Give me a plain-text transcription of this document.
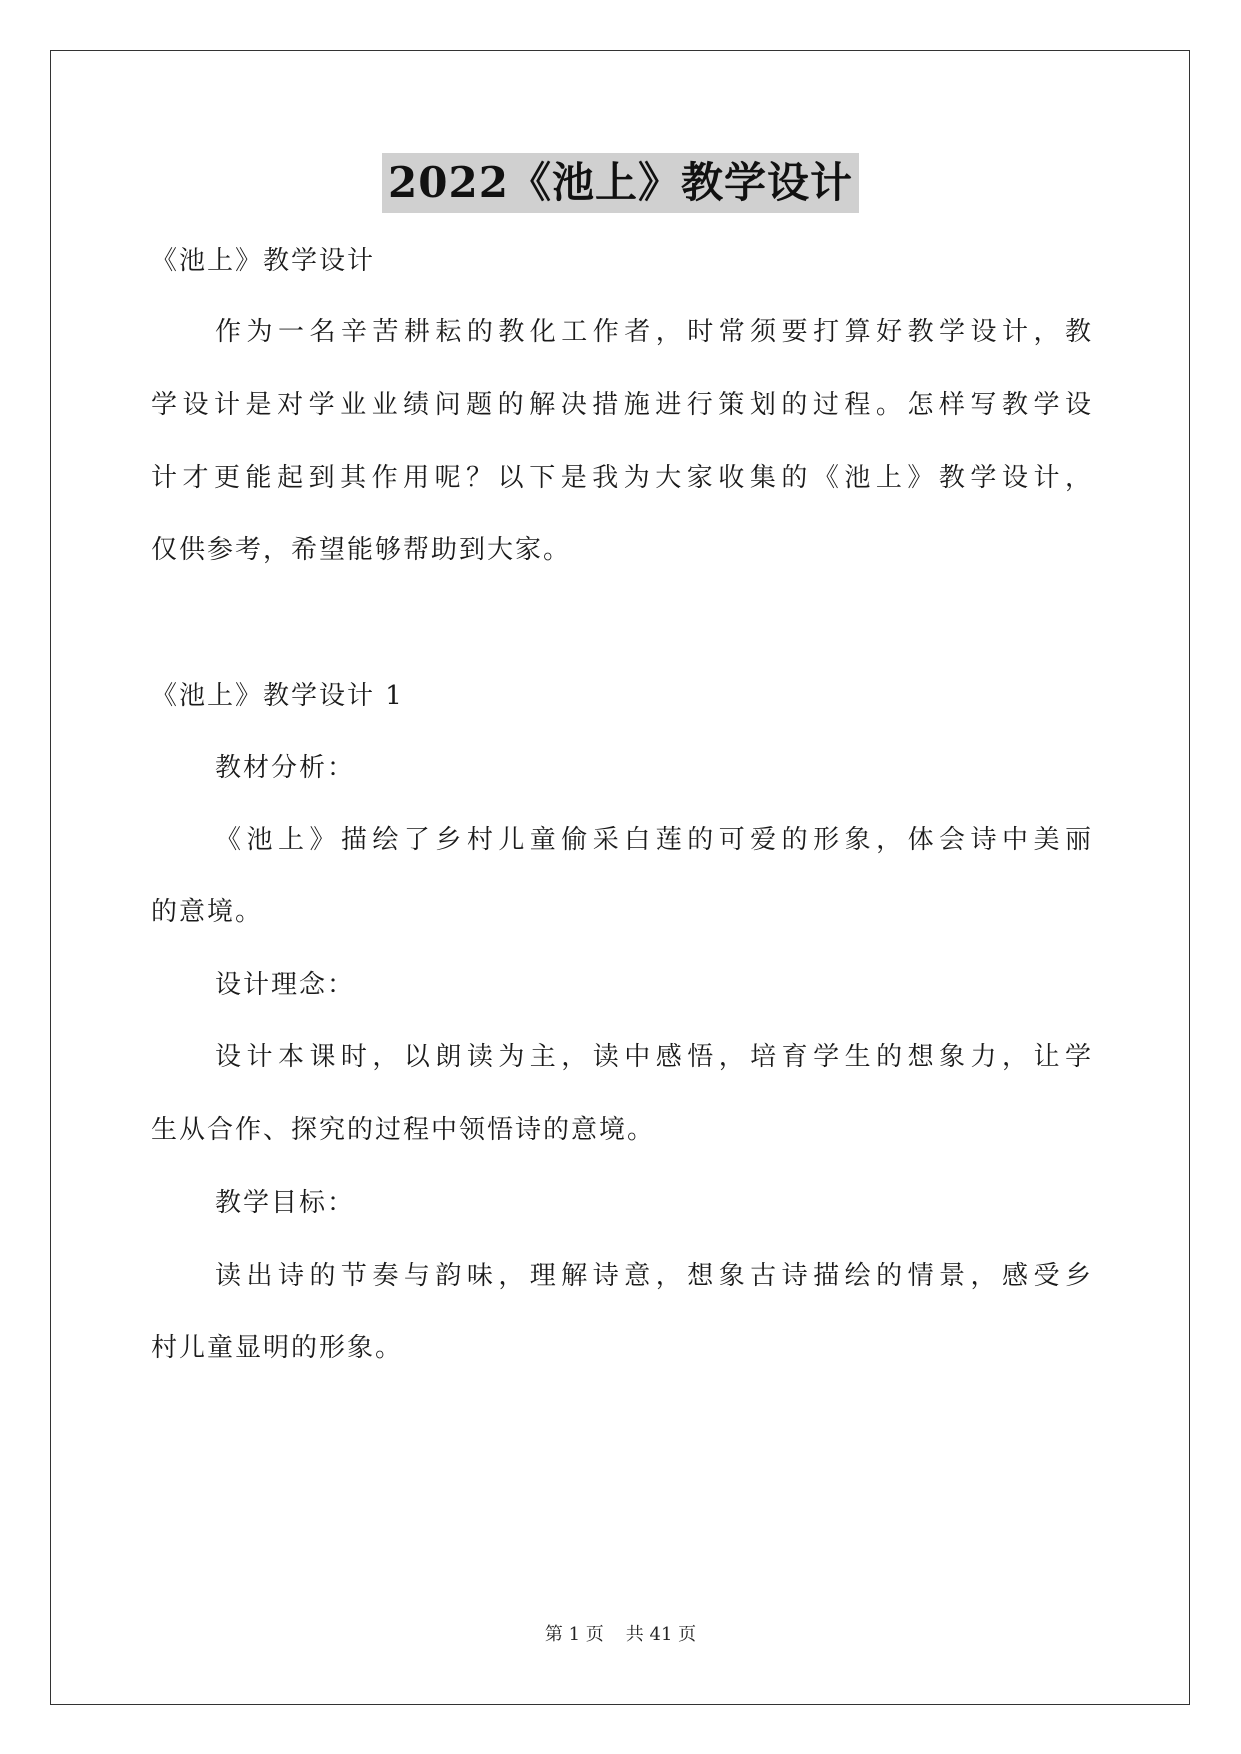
2022《池上》教学设计
《池上》教学设计
作为一名辛苦耕耘的教化工作者，时常须要打算好教学设计，教
学设计是对学业业绩问题的解决措施进行策划的过程。怎样写教学设
计才更能起到其作用呢？以下是我为大家收集的《池上》教学设计，
仅供参考，希望能够帮助到大家。
《池上》教学设计 1
教材分析：
《池上》描绘了乡村儿童偷采白莲的可爱的形象，体会诗中美丽
的意境。
设计理念：
设计本课时，以朗读为主，读中感悟，培育学生的想象力，让学
生从合作、探究的过程中领悟诗的意境。
教学目标：
读出诗的节奏与韵味，理解诗意，想象古诗描绘的情景，感受乡
村儿童显明的形象。
第 1 页 共 41 页
